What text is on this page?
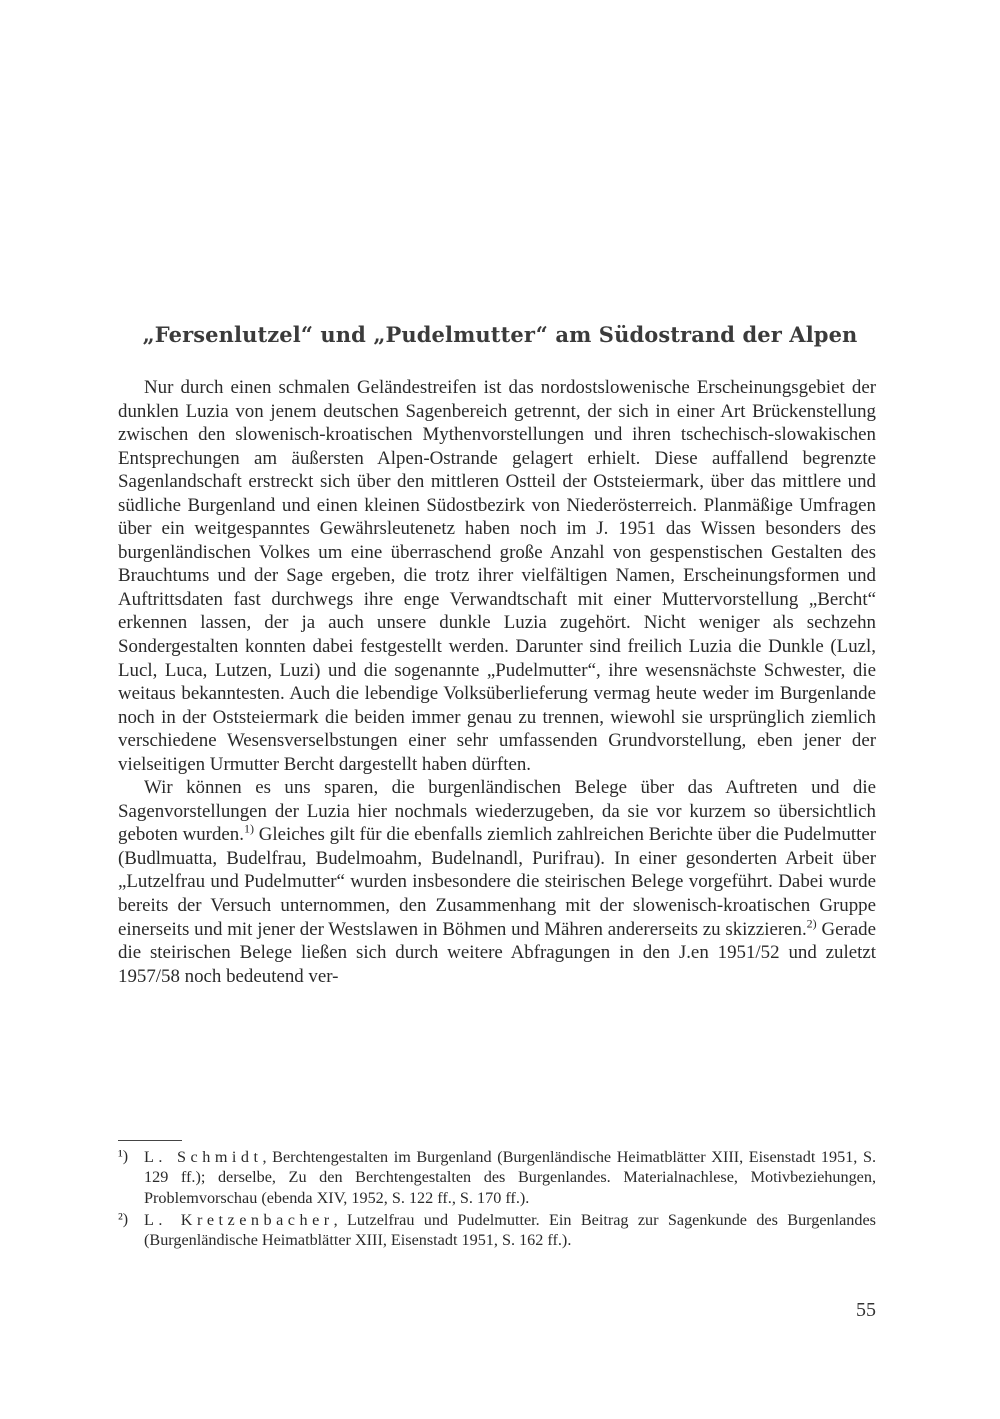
„Fersenlutzel“ und „Pudelmutter“ am Südostrand der Alpen

Nur durch einen schmalen Geländestreifen ist das nordostslowenische Erscheinungsgebiet der dunklen Luzia von jenem deutschen Sagenbereich getrennt, der sich in einer Art Brückenstellung zwischen den slowenisch-kroatischen Mythenvorstellungen und ihren tschechisch-slowakischen Entsprechungen am äußersten Alpen-Ostrande gelagert erhielt. Diese auffallend begrenzte Sagenlandschaft erstreckt sich über den mittleren Ostteil der Oststeiermark, über das mittlere und südliche Burgenland und einen kleinen Südostbezirk von Niederösterreich. Planmäßige Umfragen über ein weitgespanntes Gewährsleutenetz haben noch im J. 1951 das Wissen besonders des burgenländischen Volkes um eine überraschend große Anzahl von gespenstischen Gestalten des Brauchtums und der Sage ergeben, die trotz ihrer vielfältigen Namen, Erscheinungsformen und Auftrittsdaten fast durchwegs ihre enge Verwandtschaft mit einer Muttervorstellung „Bercht“ erkennen lassen, der ja auch unsere dunkle Luzia zugehört. Nicht weniger als sechzehn Sondergestalten konnten dabei festgestellt werden. Darunter sind freilich Luzia die Dunkle (Luzl, Lucl, Luca, Lutzen, Luzi) und die sogenannte „Pudelmutter“, ihre wesensnächste Schwester, die weitaus bekanntesten. Auch die lebendige Volksüberlieferung vermag heute weder im Burgenlande noch in der Oststeiermark die beiden immer genau zu trennen, wiewohl sie ursprünglich ziemlich verschiedene Wesensverselbstungen einer sehr umfassenden Grundvorstellung, eben jener der vielseitigen Urmutter Bercht dargestellt haben dürften.

Wir können es uns sparen, die burgenländischen Belege über das Auftreten und die Sagenvorstellungen der Luzia hier nochmals wiederzugeben, da sie vor kurzem so übersichtlich geboten wurden.$^{1)}$ Gleiches gilt für die ebenfalls ziemlich zahlreichen Berichte über die Pudelmutter (Budlmuatta, Budelfrau, Budelmoahm, Budelnandl, Purifrau). In einer gesonderten Arbeit über „Lutzelfrau und Pudelmutter“ wurden insbesondere die steirischen Belege vorgeführt. Dabei wurde bereits der Versuch unternommen, den Zusammenhang mit der slowenisch-kroatischen Gruppe einerseits und mit jener der Westslawen in Böhmen und Mähren andererseits zu skizzieren.$^{2)}$ Gerade die steirischen Belege ließen sich durch weitere Abfragungen in den J.en 1951/52 und zuletzt 1957/58 noch bedeutend ver-

¹) L. Schmidt, Berchtengestalten im Burgenland (Burgenländische Heimatblätter XIII, Eisenstadt 1951, S. 129 ff.); derselbe, Zu den Berchtengestalten des Burgenlandes. Materialnachlese, Motivbeziehungen, Problemvorschau (ebenda XIV, 1952, S. 122 ff., S. 170 ff.).

²) L. Kretzenbacher, Lutzelfrau und Pudelmutter. Ein Beitrag zur Sagenkunde des Burgenlandes (Burgenländische Heimatblätter XIII, Eisenstadt 1951, S. 162 ff.).

55
